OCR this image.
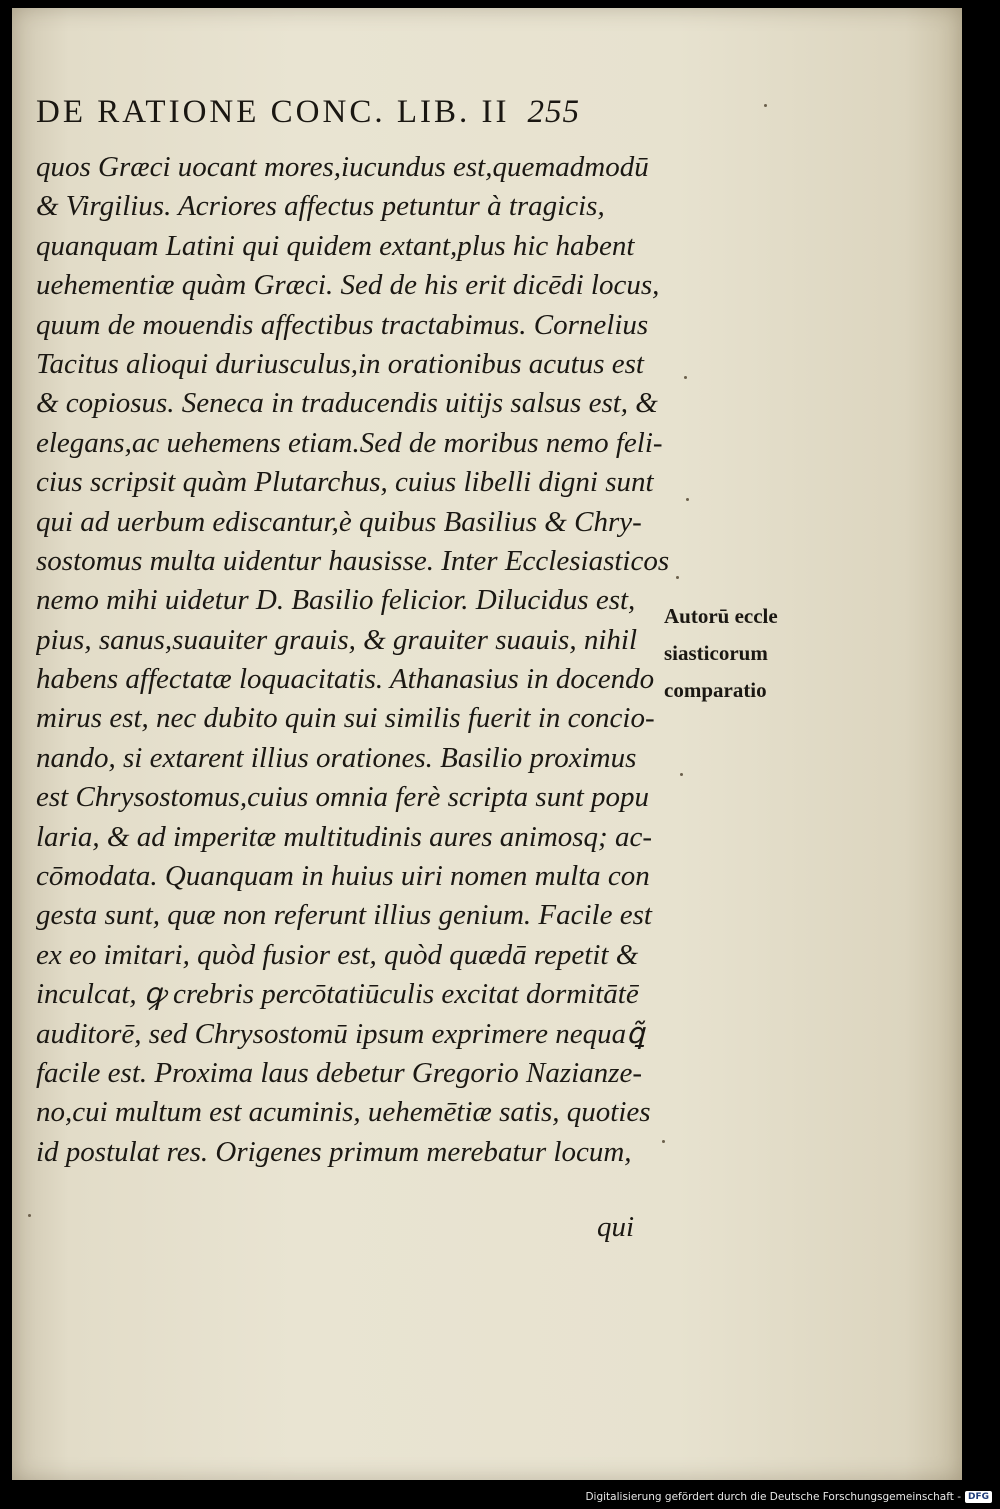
DE RATIONE CONC. LIB. II 255
quos Græci uocant mores,iucundus est,quemadmodū
& Virgilius. Acriores affectus petuntur à tragicis,
quanquam Latini qui quidem extant,plus hic habent
uehementiæ quàm Græci. Sed de his erit dicēdi locus,
quum de mouendis affectibus tractabimus. Cornelius
Tacitus alioqui duriusculus,in orationibus acutus est
& copiosus. Seneca in traducendis uitijs salsus est, &
elegans,ac uehemens etiam.Sed de moribus nemo feli-
cius scripsit quàm Plutarchus, cuius libelli digni sunt
qui ad uerbum ediscantur,è quibus Basilius & Chry-
sostomus multa uidentur hausisse. Inter Ecclesiasticos
nemo mihi uidetur D. Basilio felicior. Dilucidus est,
pius, sanus,suauiter grauis, & grauiter suauis, nihil
habens affectatæ loquacitatis. Athanasius in docendo
mirus est, nec dubito quin sui similis fuerit in concio-
nando, si extarent illius orationes. Basilio proximus
est Chrysostomus,cuius omnia ferè scripta sunt popu
laria, & ad imperitæ multitudinis aures animosq; ac-
cōmodata. Quanquam in huius uiri nomen multa con
gesta sunt, quæ non referunt illius genium. Facile est
ex eo imitari, quòd fusior est, quòd quædā repetit &
inculcat, ꝙ crebris percōtatiūculis excitat dormitātē
auditorē, sed Chrysostomū ipsum exprimere nequaꝗ̃
facile est. Proxima laus debetur Gregorio Nazianze-
no,cui multum est acuminis, uehemētiæ satis, quoties
id postulat res. Origenes primum merebatur locum,
Autorū eccle
siasticorum
comparatio
qui
Digitalisierung gefördert durch die Deutsche Forschungsgemeinschaft - DFG
